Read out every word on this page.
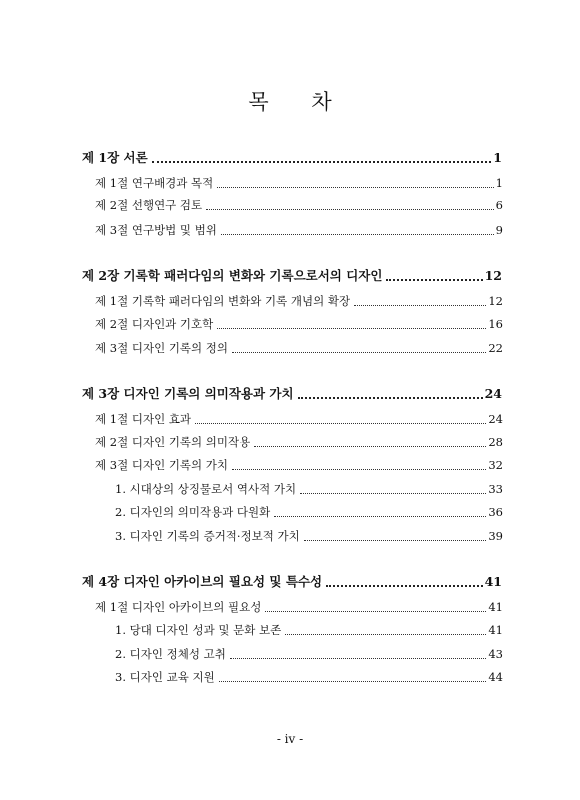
목 차
제 1장 서론	1
제 1절 연구배경과 목적	1
제 2절 선행연구 검토	6
제 3절 연구방법 및 범위	9
제 2장 기록학 패러다임의 변화와 기록으로서의 디자인	12
제 1절 기록학 패러다임의 변화와 기록 개념의 확장	12
제 2절 디자인과 기호학	16
제 3절 디자인 기록의 정의	22
제 3장 디자인 기록의 의미작용과 가치	24
제 1절 디자인 효과	24
제 2절 디자인 기록의 의미작용	28
제 3절 디자인 기록의 가치	32
1. 시대상의 상징물로서 역사적 가치	33
2. 디자인의 의미작용과 다원화	36
3. 디자인 기록의 증거적·정보적 가치	39
제 4장 디자인 아카이브의 필요성 및 특수성	41
제 1절 디자인 아카이브의 필요성	41
1. 당대 디자인 성과 및 문화 보존	41
2. 디자인 정체성 고취	43
3. 디자인 교육 지원	44
- iv -
